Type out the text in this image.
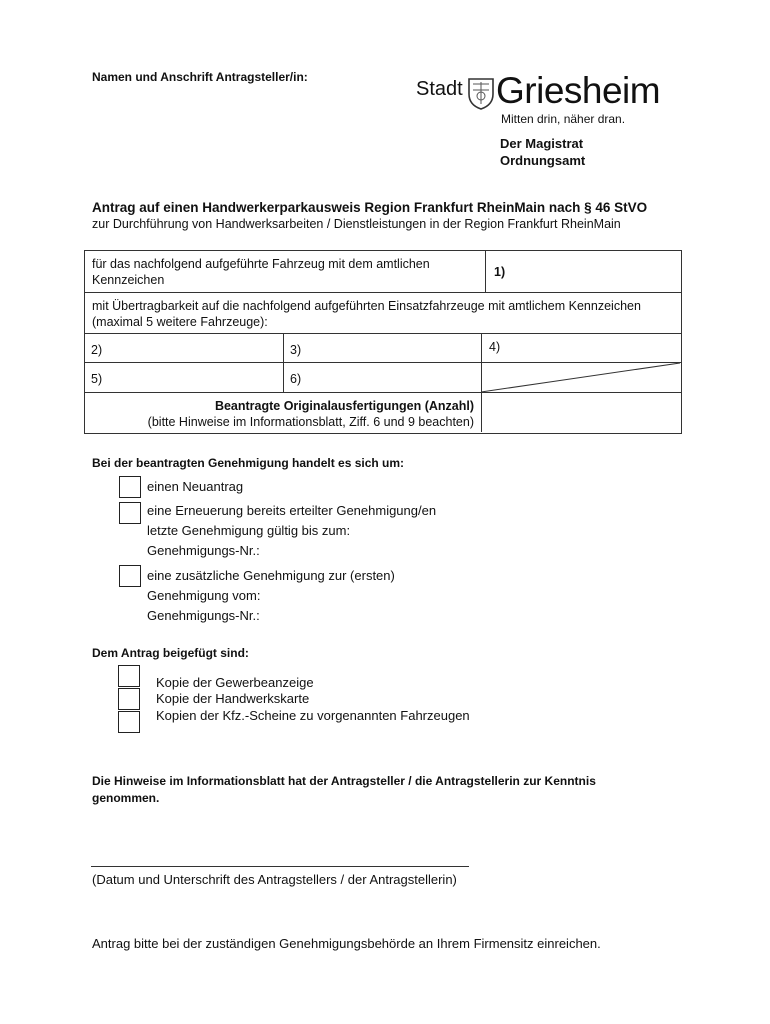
Namen und Anschrift Antragsteller/in:
Stadt Griesheim
Mitten drin, näher dran.
Der Magistrat
Ordnungsamt
Antrag auf einen Handwerkerparkausweis Region Frankfurt RheinMain nach § 46 StVO
zur Durchführung von Handwerksarbeiten / Dienstleistungen in der Region Frankfurt RheinMain
für das nachfolgend aufgeführte Fahrzeug mit dem amtlichen Kennzeichen
1)
mit Übertragbarkeit auf die nachfolgend aufgeführten Einsatzfahrzeuge mit amtlichem Kennzeichen (maximal 5 weitere Fahrzeuge):
2)	3)	4)
5)	6)
Beantragte Originalausfertigungen (Anzahl)
(bitte Hinweise im Informationsblatt, Ziff. 6 und 9 beachten)
Bei der beantragten Genehmigung handelt es sich um:
einen Neuantrag
eine Erneuerung bereits erteilter Genehmigung/en
letzte Genehmigung gültig bis zum:
Genehmigungs-Nr.:
eine zusätzliche Genehmigung zur (ersten)
Genehmigung vom:
Genehmigungs-Nr.:
Dem Antrag beigefügt sind:
Kopie der Gewerbeanzeige
Kopie der Handwerkskarte
Kopien der Kfz.-Scheine zu vorgenannten Fahrzeugen
Die Hinweise im Informationsblatt hat der Antragsteller / die Antragstellerin zur Kenntnis genommen.
(Datum und Unterschrift des Antragstellers / der Antragstellerin)
Antrag bitte bei der zuständigen Genehmigungsbehörde an Ihrem Firmensitz einreichen.
